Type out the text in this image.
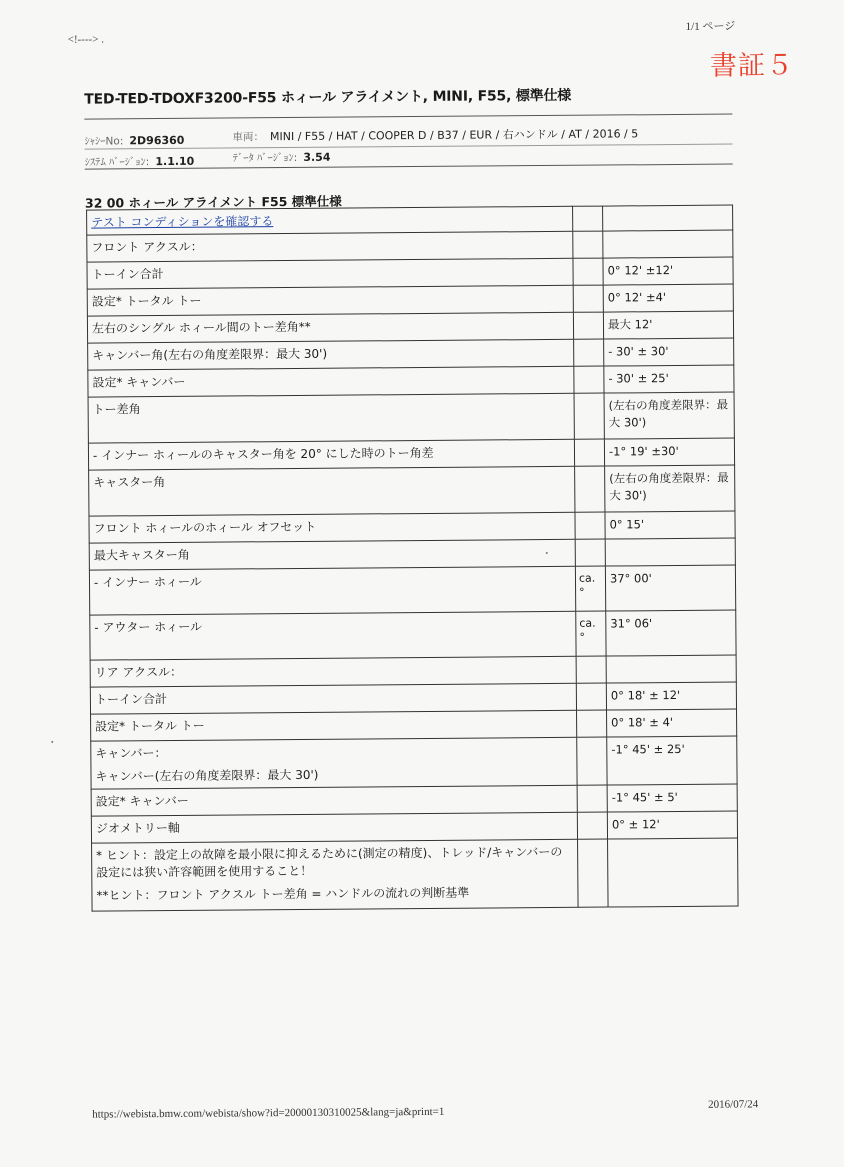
<!----> .
1/1 ページ
書証５
TED-TED-TDOXF3200-F55 ホィール アライメント, MINI, F55, 標準仕様
ｼｬｼｰNo: 2D96360	車両： MINI / F55 / HAT / COOPER D / B37 / EUR / 右ハンドル / AT / 2016 / 5
ｼｽﾃﾑ ﾊﾞｰｼﾞｮﾝ: 1.1.10	ﾃﾞｰﾀ ﾊﾞｰｼﾞｮﾝ: 3.54
32 00 ホィール アライメント F55 標準仕様
テスト コンディションを確認する		
フロント アクスル：		
トーイン合計		0° 12' ±12'
設定* トータル トー		0° 12' ±4'
左右のシングル ホィール間のトー差角**		最大 12'
キャンバー角(左右の角度差限界：最大 30')		- 30' ± 30'
設定* キャンバー		- 30' ± 25'
トー差角		(左右の角度差限界：最大 30')
- インナー ホィールのキャスター角を 20° にした時のトー角差		-1° 19' ±30'
キャスター角		(左右の角度差限界：最大 30')
フロント ホィールのホィール オフセット		0° 15'
最大キャスター角		
- インナー ホィール	ca. °	37° 00'
- アウター ホィール	ca. °	31° 06'
リア アクスル：		
トーイン合計		0° 18' ± 12'
設定* トータル トー		0° 18' ± 4'

キャンバー：
キャンバー(左右の角度差限界：最大 30')		-1° 45' ± 25'
設定* キャンバー		-1° 45' ± 5'
ジオメトリー軸		0° ± 12'

* ヒント：設定上の故障を最小限に抑えるために(測定の精度)、トレッド/キャンバーの設定には狭い許容範囲を使用すること！
**ヒント：フロント アクスル トー差角 = ハンドルの流れの判断基準		

https://webista.bmw.com/webista/show?id=20000130310025&lang=ja&print=1
2016/07/24
